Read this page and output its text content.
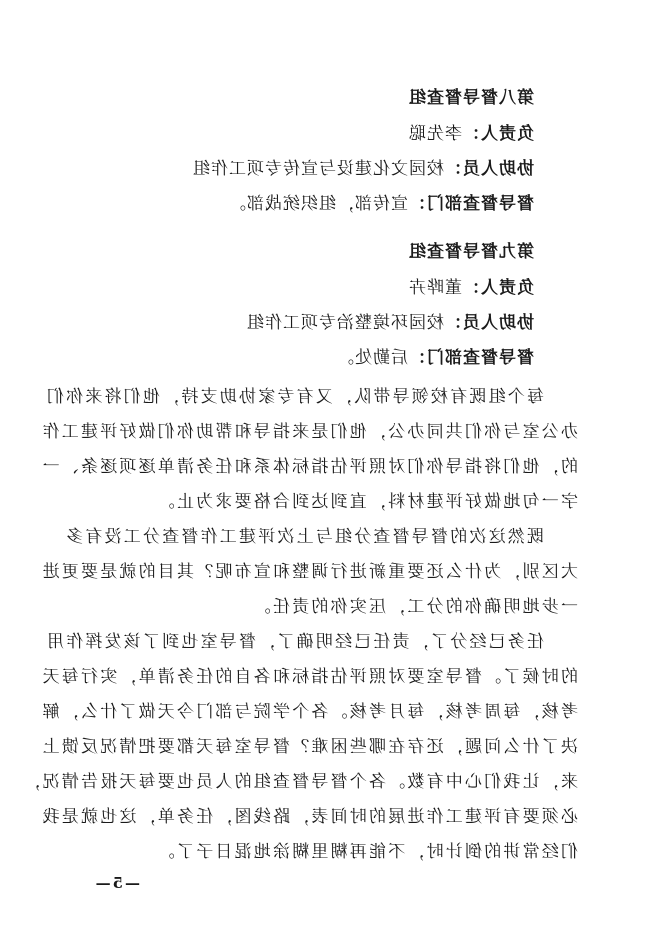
第八督导督查组
负责人：李先聪
协助人员：校园文化建设与宣传专项工作组
督导督查部门：宣传部，组织统战部。
第九督导督查组
负责人：董晔卉
协助人员：校园环境整治专项工作组
督导督查部门：后勤处。
每个组既有校领导带队，又有专家协助支持，他们将来你们
办公室与你们共同办公，他们是来指导和帮助你们做好评建工作
的，他们将指导你们对照评估指标体系和任务清单逐项逐条、一
字一句地做好评建材料，直到达到合格要求为止。
既然这次的督导督查分组与上次评建工作督查分工没有多
大区别，为什么还要重新进行调整和宣布呢？其目的就是要更进
一步地明确你的分工，压实你的责任。
任务已经分了，责任已经明确了，督导室也到了该发挥作用
的时候了。督导室要对照评估指标和各自的任务清单，实行每天
考核，每周考核，每月考核。各个学院与部门今天做了什么，解
决了什么问题，还存在哪些困难？督导室每天都要把情况反馈上
来，让我们心中有数。各个督导督查组的人员也要每天报告情况，
必须要有评建工作进展的时间表，路线图，任务单，这也就是我
们经常讲的倒计时，不能再糊里糊涂地混日子了。
—5—
